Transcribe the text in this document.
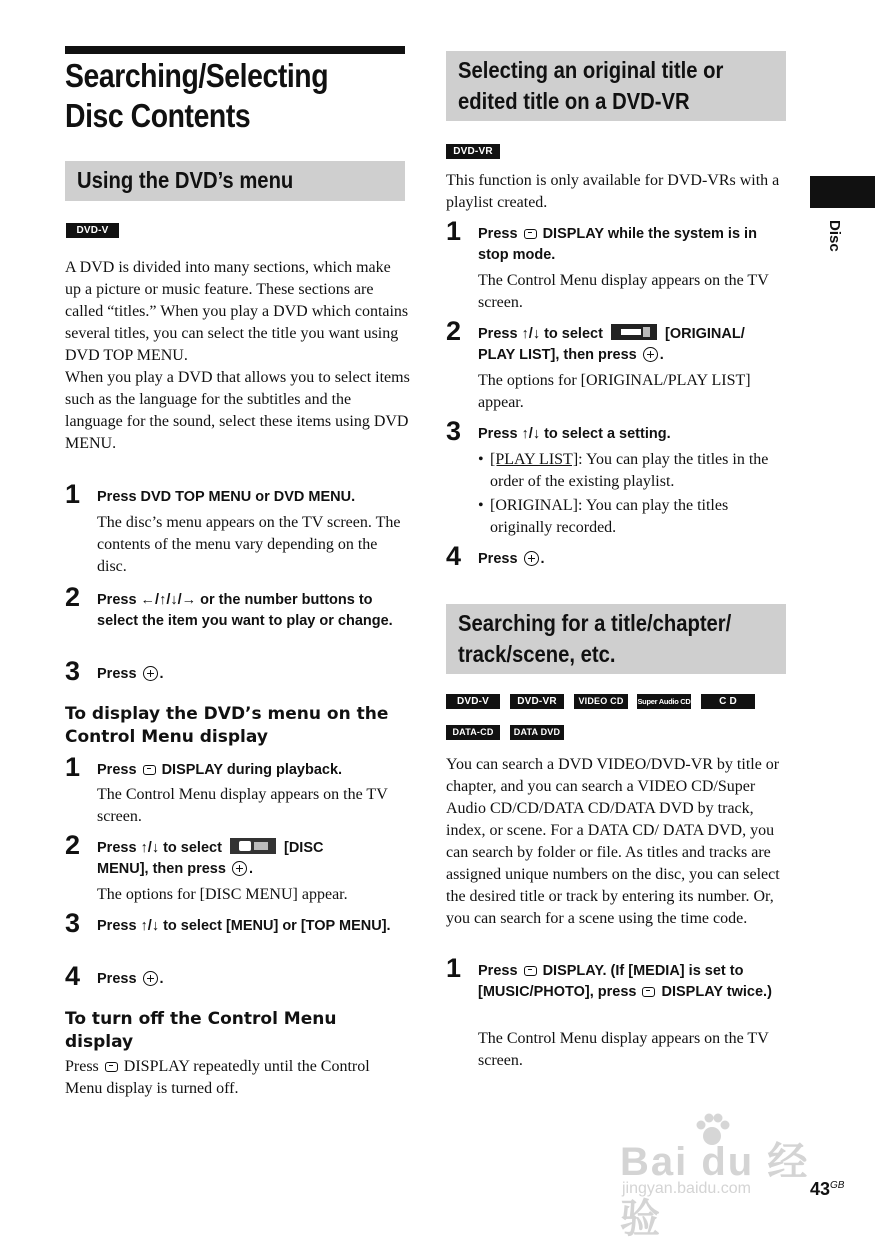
Searching/Selecting
Disc Contents
Using the DVD’s menu
DVD-V
A DVD is divided into many sections, which make up a picture or music feature. These sections are called “titles.” When you play a DVD which contains several titles, you can select the title you want using DVD TOP MENU.
When you play a DVD that allows you to select items such as the language for the subtitles and the language for the sound, select these items using DVD MENU.
1 Press DVD TOP MENU or DVD MENU.
The disc’s menu appears on the TV screen. The contents of the menu vary depending on the disc.
2 Press ←/↑/↓/→ or the number buttons to select the item you want to play or change.
3 Press .
To display the DVD’s menu on the Control Menu display
1 Press DISPLAY during playback.
The Control Menu display appears on the TV screen.
2 Press ↑/↓ to select	[DISC
MENU], then press .
The options for [DISC MENU] appear.
3 Press ↑/↓ to select [MENU] or [TOP MENU].
4 Press .
To turn off the Control Menu display
Press DISPLAY repeatedly until the Control Menu display is turned off.
Selecting an original title or edited title on a DVD-VR
DVD-VR
This function is only available for DVD-VRs with a playlist created.
1 Press DISPLAY while the system is in stop mode.
The Control Menu display appears on the TV screen.
2 Press ↑/↓ to select	[ORIGINAL/
PLAY LIST], then press .
The options for [ORIGINAL/PLAY LIST] appear.
3 Press ↑/↓ to select a setting.
• [PLAY LIST]: You can play the titles in the order of the existing playlist.
• [ORIGINAL]: You can play the titles originally recorded.
4 Press .
Searching for a title/chapter/ track/scene, etc.
DVD-V	DVD-VR	VIDEO CD	Super Audio CD	C D
DATA-CD	DATA DVD
You can search a DVD VIDEO/DVD-VR by title or chapter, and you can search a VIDEO CD/Super Audio CD/CD/DATA CD/DATA DVD by track, index, or scene. For a DATA CD/ DATA DVD, you can search by folder or file. As titles and tracks are assigned unique numbers on the disc, you can select the desired title or track by entering its number. Or, you can search for a scene using the time code.
1 Press DISPLAY. (If [MEDIA] is set to [MUSIC/PHOTO], press DISPLAY twice.)
The Control Menu display appears on the TV screen.
Disc
Bai du 经验
jingyan.baidu.com	$43^{GB}$
